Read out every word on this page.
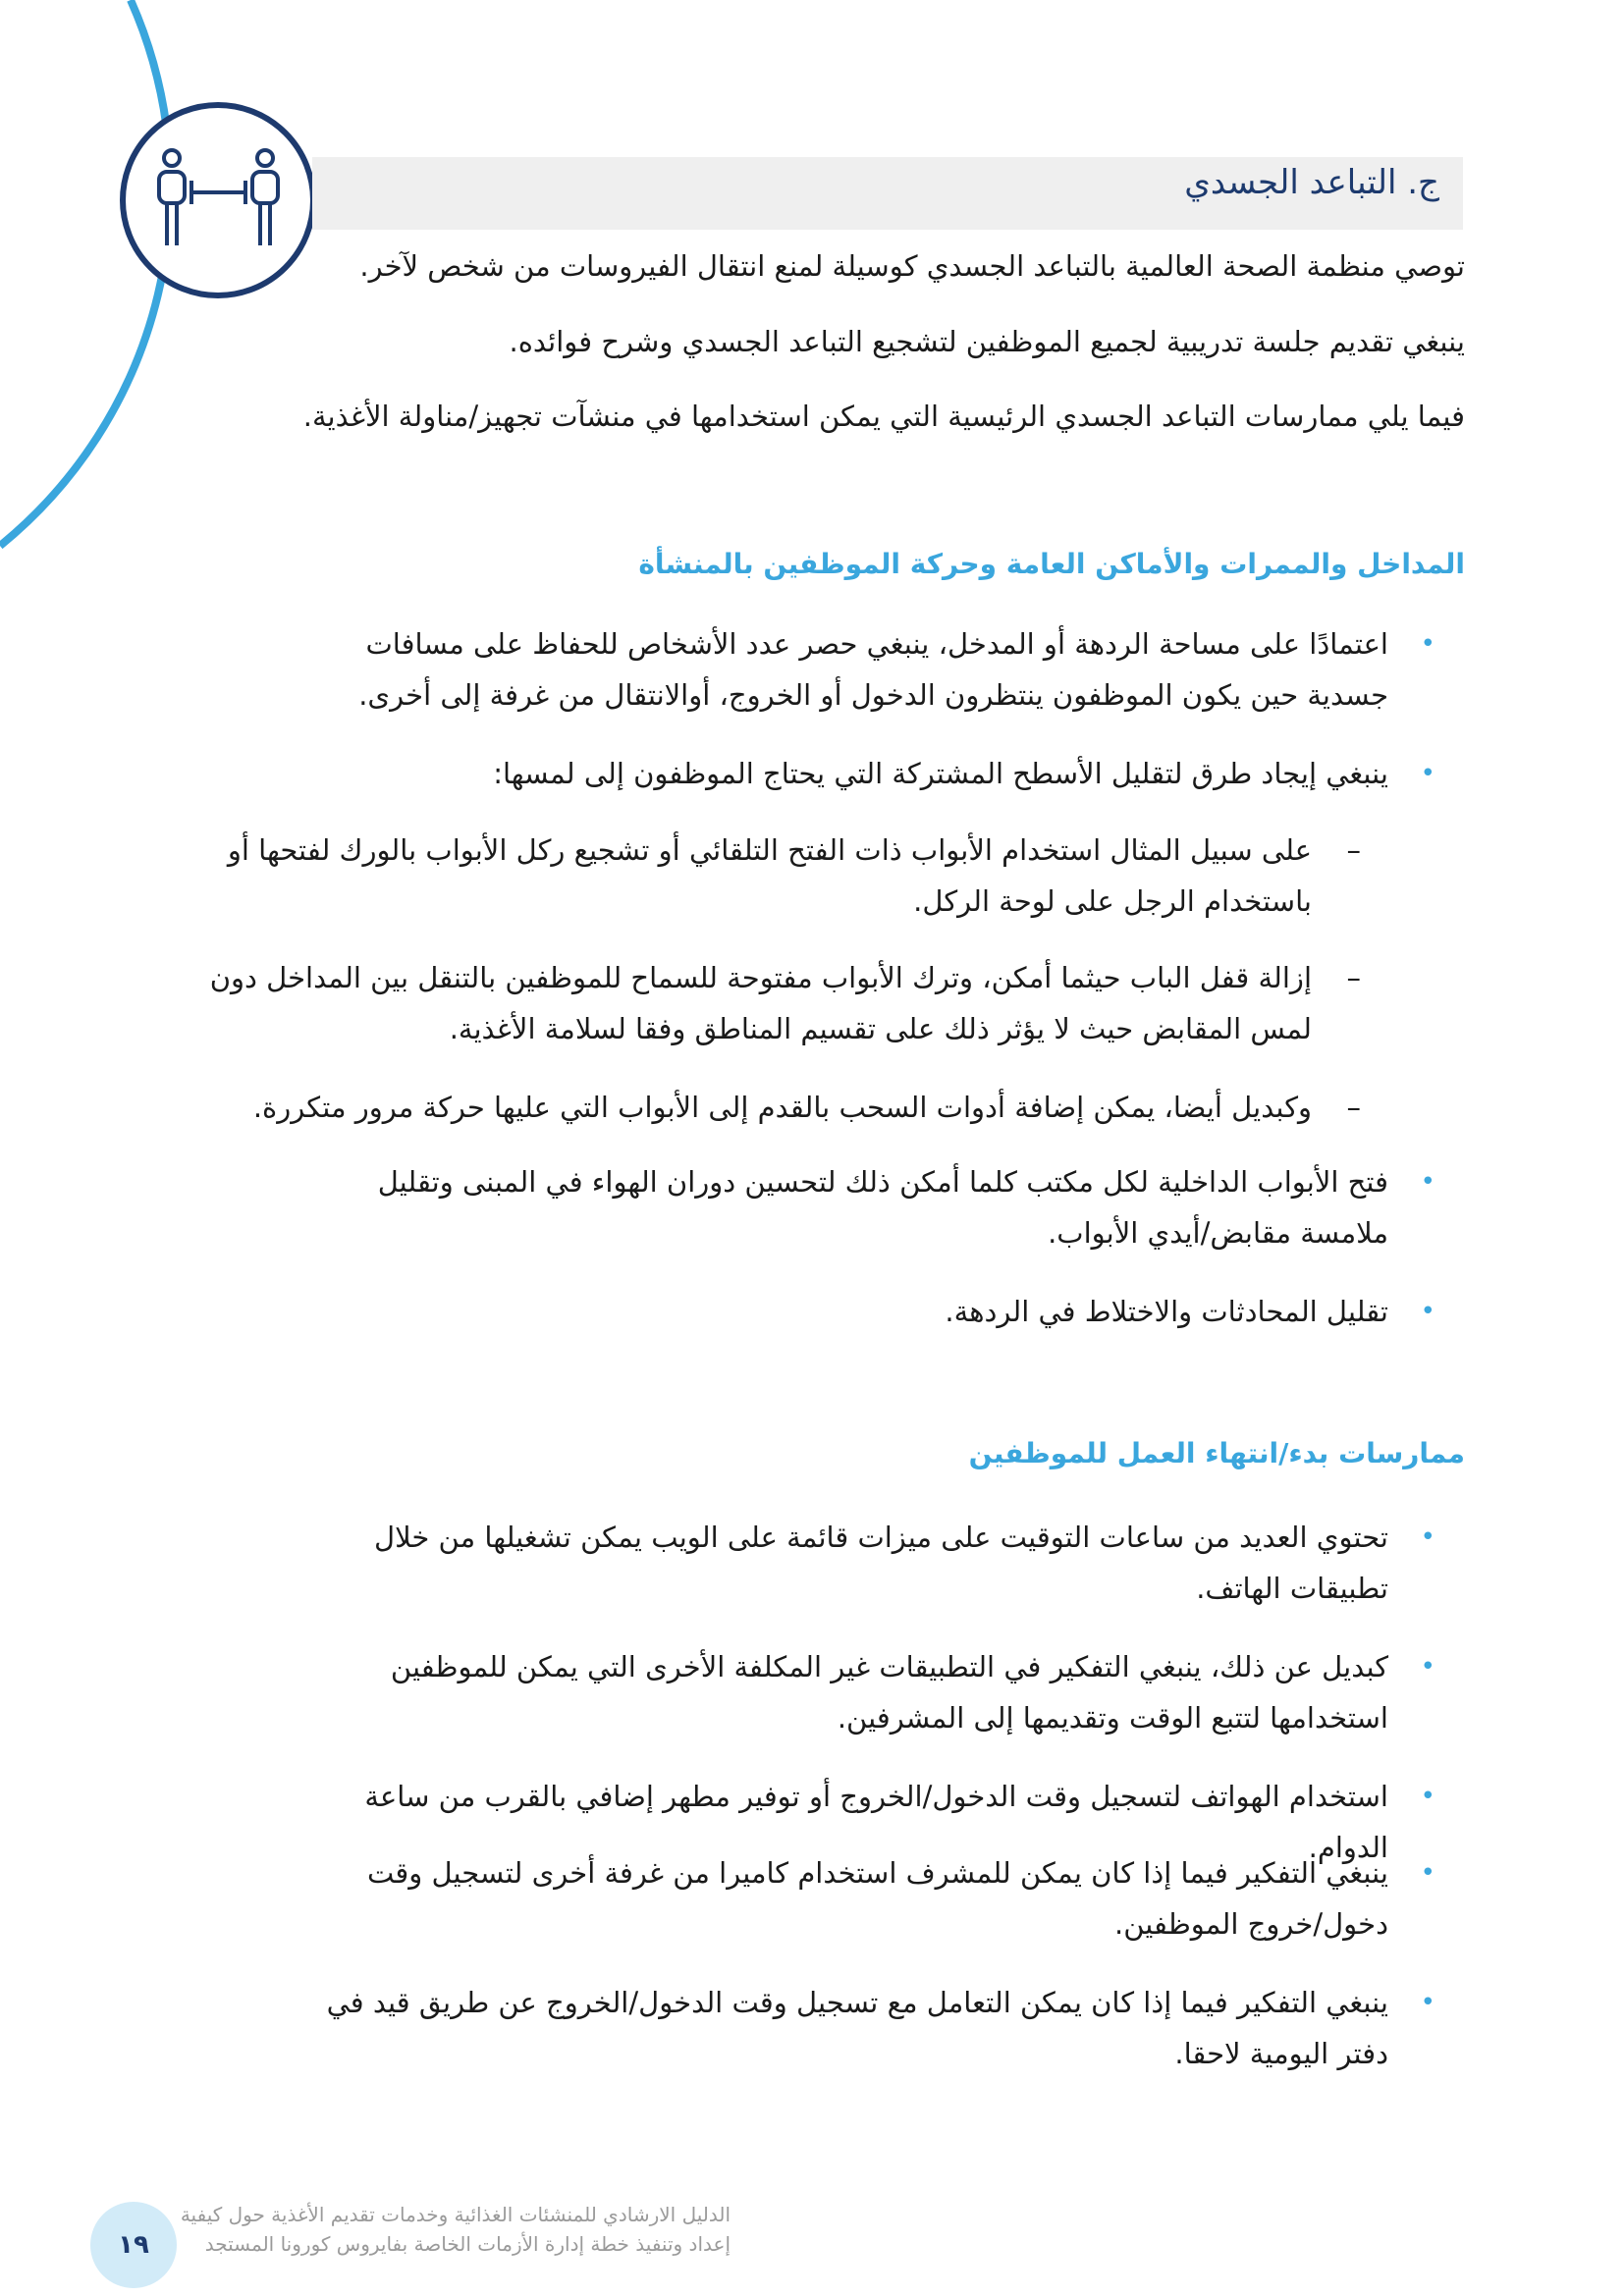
ج. التباعد الجسدي

توصي منظمة الصحة العالمية بالتباعد الجسدي كوسيلة لمنع انتقال الفيروسات من شخص لآخر.

ينبغي تقديم جلسة تدريبية لجميع الموظفين لتشجيع التباعد الجسدي وشرح فوائده.

فيما يلي ممارسات التباعد الجسدي الرئيسية التي يمكن استخدامها في منشآت تجهيز/مناولة الأغذية.

المداخل والممرات والأماكن العامة وحركة الموظفين بالمنشأة

• اعتمادًا على مساحة الردهة أو المدخل، ينبغي حصر عدد الأشخاص للحفاظ على مسافات جسدية حين يكون الموظفون ينتظرون الدخول أو الخروج، أوالانتقال من غرفة إلى أخرى.

• ينبغي إيجاد طرق لتقليل الأسطح المشتركة التي يحتاج الموظفون إلى لمسها:

– على سبيل المثال استخدام الأبواب ذات الفتح التلقائي أو تشجيع ركل الأبواب بالورك لفتحها أو باستخدام الرجل على لوحة الركل.

– إزالة قفل الباب حيثما أمكن، وترك الأبواب مفتوحة للسماح للموظفين بالتنقل بين المداخل دون لمس المقابض حيث لا يؤثر ذلك على تقسيم المناطق وفقا لسلامة الأغذية.

– وكبديل أيضا، يمكن إضافة أدوات السحب بالقدم إلى الأبواب التي عليها حركة مرور متكررة.

• فتح الأبواب الداخلية لكل مكتب كلما أمكن ذلك لتحسين دوران الهواء في المبنى وتقليل ملامسة مقابض/أيدي الأبواب.

• تقليل المحادثات والاختلاط في الردهة.

ممارسات بدء/انتهاء العمل للموظفين

• تحتوي العديد من ساعات التوقيت على ميزات قائمة على الويب يمكن تشغيلها من خلال تطبيقات الهاتف.

• كبديل عن ذلك، ينبغي التفكير في التطبيقات غير المكلفة الأخرى التي يمكن للموظفين استخدامها لتتبع الوقت وتقديمها إلى المشرفين.

• استخدام الهواتف لتسجيل وقت الدخول/الخروج أو توفير مطهر إضافي بالقرب من ساعة الدوام.

• ينبغي التفكير فيما إذا كان يمكن للمشرف استخدام كاميرا من غرفة أخرى لتسجيل وقت دخول/خروج الموظفين.

• ينبغي التفكير فيما إذا كان يمكن التعامل مع تسجيل وقت الدخول/الخروج عن طريق قيد في دفتر اليومية لاحقا.

الدليل الارشادي للمنشئات الغذائية وخدمات تقديم الأغذية حول كيفية

إعداد وتنفيذ خطة إدارة الأزمات الخاصة بفايروس كورونا المستجد

١٩
